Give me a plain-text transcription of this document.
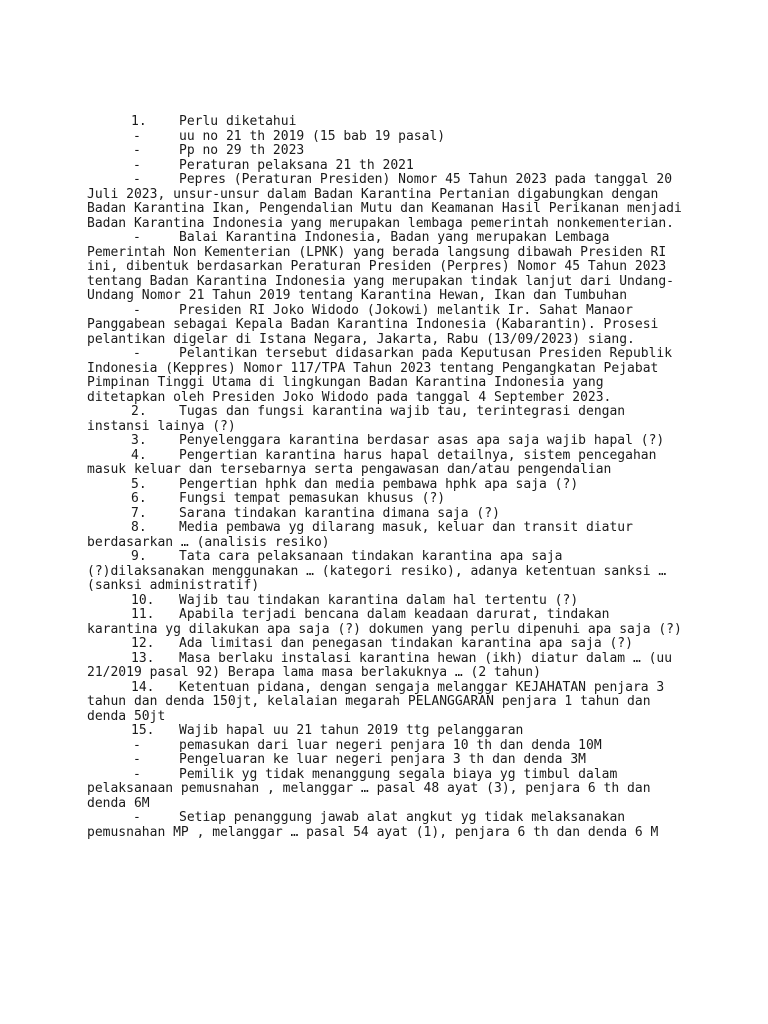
1. Perlu diketahui

-	uu no 21 th 2019 (15 bab 19 pasal)

-	Pp no 29 th 2023

-	Peraturan pelaksana 21 th 2021

-	Pepres (Peraturan Presiden) Nomor 45 Tahun 2023 pada tanggal 20 Juli 2023, unsur-unsur dalam Badan Karantina Pertanian digabungkan dengan Badan Karantina Ikan, Pengendalian Mutu dan Keamanan Hasil Perikanan menjadi Badan Karantina Indonesia yang merupakan lembaga pemerintah nonkementerian.

-	Balai Karantina Indonesia, Badan yang merupakan Lembaga Pemerintah Non Kementerian (LPNK) yang berada langsung dibawah Presiden RI ini, dibentuk berdasarkan Peraturan Presiden (Perpres) Nomor 45 Tahun 2023 tentang Badan Karantina Indonesia yang merupakan tindak lanjut dari Undang-Undang Nomor 21 Tahun 2019 tentang Karantina Hewan, Ikan dan Tumbuhan

-	Presiden RI Joko Widodo (Jokowi) melantik Ir. Sahat Manaor Panggabean sebagai Kepala Badan Karantina Indonesia (Kabarantin). Prosesi pelantikan digelar di Istana Negara, Jakarta, Rabu (13/09/2023) siang.

-	Pelantikan tersebut didasarkan pada Keputusan Presiden Republik Indonesia (Keppres) Nomor 117/TPA Tahun 2023 tentang Pengangkatan Pejabat Pimpinan Tinggi Utama di lingkungan Badan Karantina Indonesia yang ditetapkan oleh Presiden Joko Widodo pada tanggal 4 September 2023.

2. Tugas dan fungsi karantina wajib tau, terintegrasi dengan instansi lainya (?)

3. Penyelenggara karantina berdasar asas apa saja wajib hapal (?)

4. Pengertian karantina harus hapal detailnya, sistem pencegahan masuk keluar dan tersebarnya serta pengawasan dan/atau pengendalian

5. Pengertian hphk dan media pembawa hphk apa saja (?)

6. Fungsi tempat pemasukan khusus (?)

7. Sarana tindakan karantina dimana saja (?)

8. Media pembawa yg dilarang masuk, keluar dan transit diatur berdasarkan … (analisis resiko)

9. Tata cara pelaksanaan tindakan karantina apa saja (?)dilaksanakan menggunakan … (kategori resiko), adanya ketentuan sanksi … (sanksi administratif)

10. Wajib tau tindakan karantina dalam hal tertentu (?)

11. Apabila terjadi bencana dalam keadaan darurat, tindakan karantina yg dilakukan apa saja (?) dokumen yang perlu dipenuhi apa saja (?)

12. Ada limitasi dan penegasan tindakan karantina apa saja (?)

13. Masa berlaku instalasi karantina hewan (ikh) diatur dalam … (uu 21/2019 pasal 92) Berapa lama masa berlakuknya … (2 tahun)

14. Ketentuan pidana, dengan sengaja melanggar KEJAHATAN penjara 3 tahun dan denda 150jt, kelalaian megarah PELANGGARAN penjara 1 tahun dan denda 50jt

15. Wajib hapal uu 21 tahun 2019 ttg pelanggaran

-	pemasukan dari luar negeri penjara 10 th dan denda 10M

-	Pengeluaran ke luar negeri penjara 3 th dan denda 3M

-	Pemilik yg tidak menanggung segala biaya yg timbul dalam pelaksanaan pemusnahan , melanggar … pasal 48 ayat (3), penjara 6 th dan denda 6M

-	Setiap penanggung jawab alat angkut yg tidak melaksanakan pemusnahan MP , melanggar … pasal 54 ayat (1), penjara 6 th dan denda 6 M
